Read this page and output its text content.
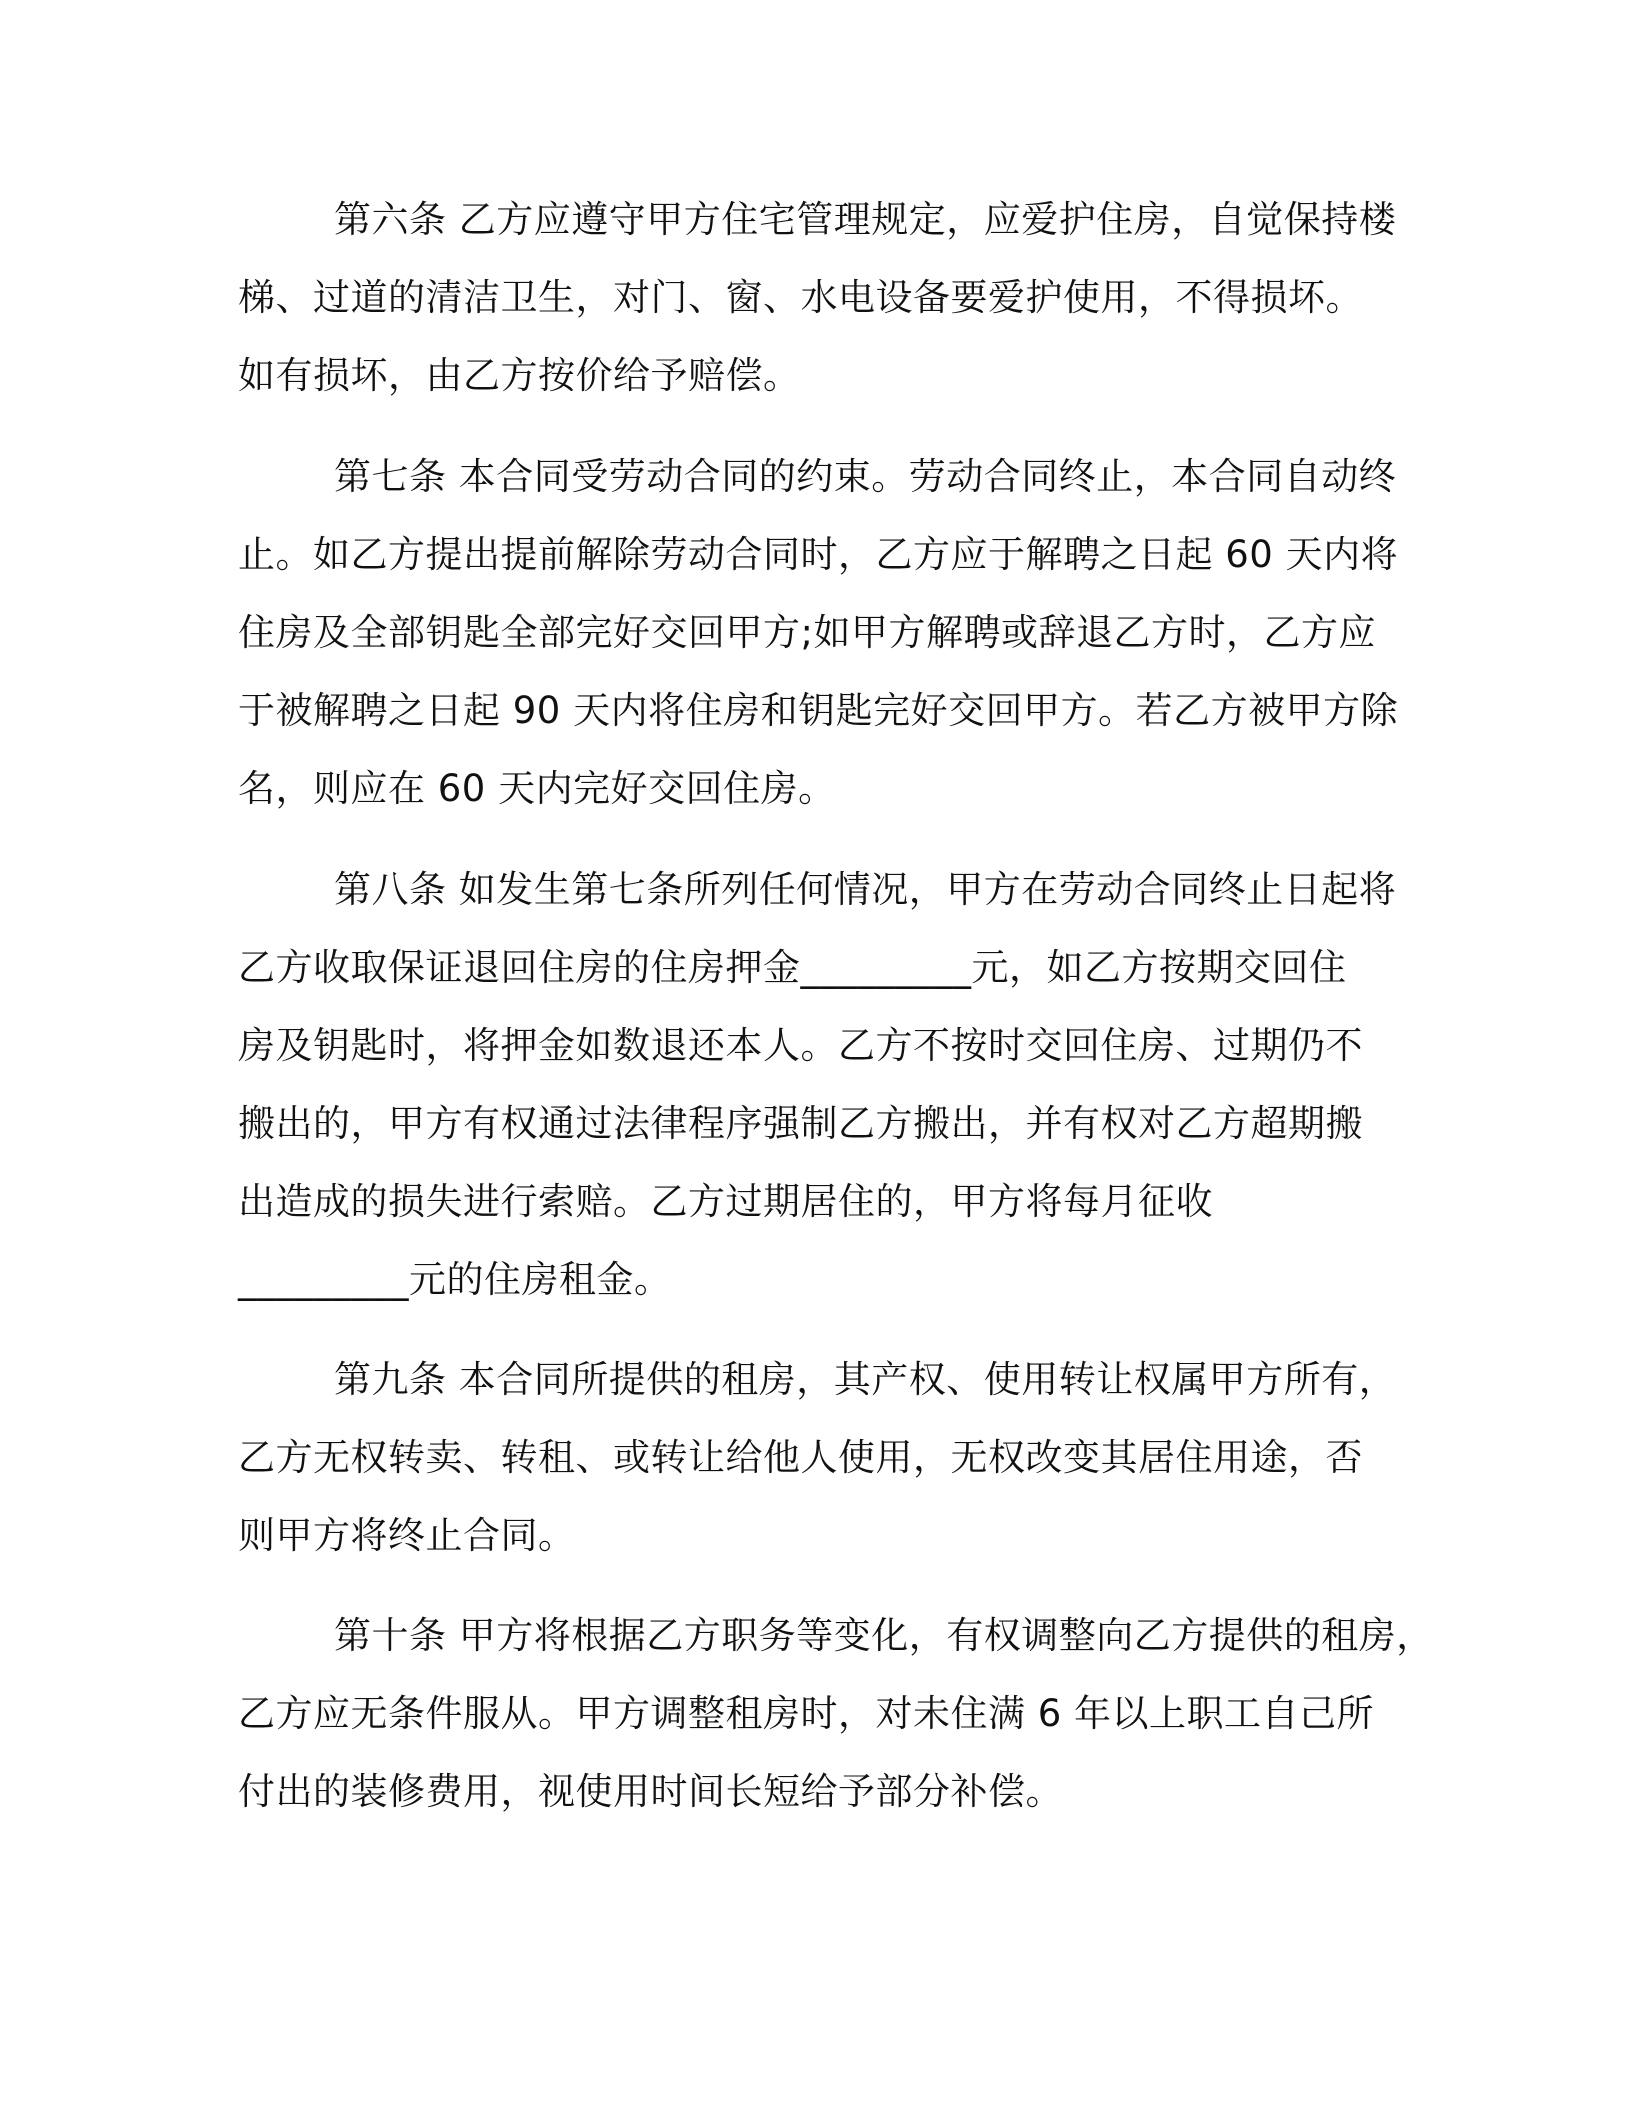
第六条 乙方应遵守甲方住宅管理规定，应爱护住房，自觉保持楼
梯、过道的清洁卫生，对门、窗、水电设备要爱护使用，不得损坏。
如有损坏，由乙方按价给予赔偿。
第七条 本合同受劳动合同的约束。劳动合同终止，本合同自动终
止。如乙方提出提前解除劳动合同时，乙方应于解聘之日起 60 天内将
住房及全部钥匙全部完好交回甲方;如甲方解聘或辞退乙方时，乙方应
于被解聘之日起 90 天内将住房和钥匙完好交回甲方。若乙方被甲方除
名，则应在 60 天内完好交回住房。
第八条 如发生第七条所列任何情况，甲方在劳动合同终止日起将
乙方收取保证退回住房的住房押金_________元，如乙方按期交回住
房及钥匙时，将押金如数退还本人。乙方不按时交回住房、过期仍不
搬出的，甲方有权通过法律程序强制乙方搬出，并有权对乙方超期搬
出造成的损失进行索赔。乙方过期居住的，甲方将每月征收
_________元的住房租金。
第九条 本合同所提供的租房，其产权、使用转让权属甲方所有，
乙方无权转卖、转租、或转让给他人使用，无权改变其居住用途，否
则甲方将终止合同。
第十条 甲方将根据乙方职务等变化，有权调整向乙方提供的租房，
乙方应无条件服从。甲方调整租房时，对未住满 6 年以上职工自己所
付出的装修费用，视使用时间长短给予部分补偿。
